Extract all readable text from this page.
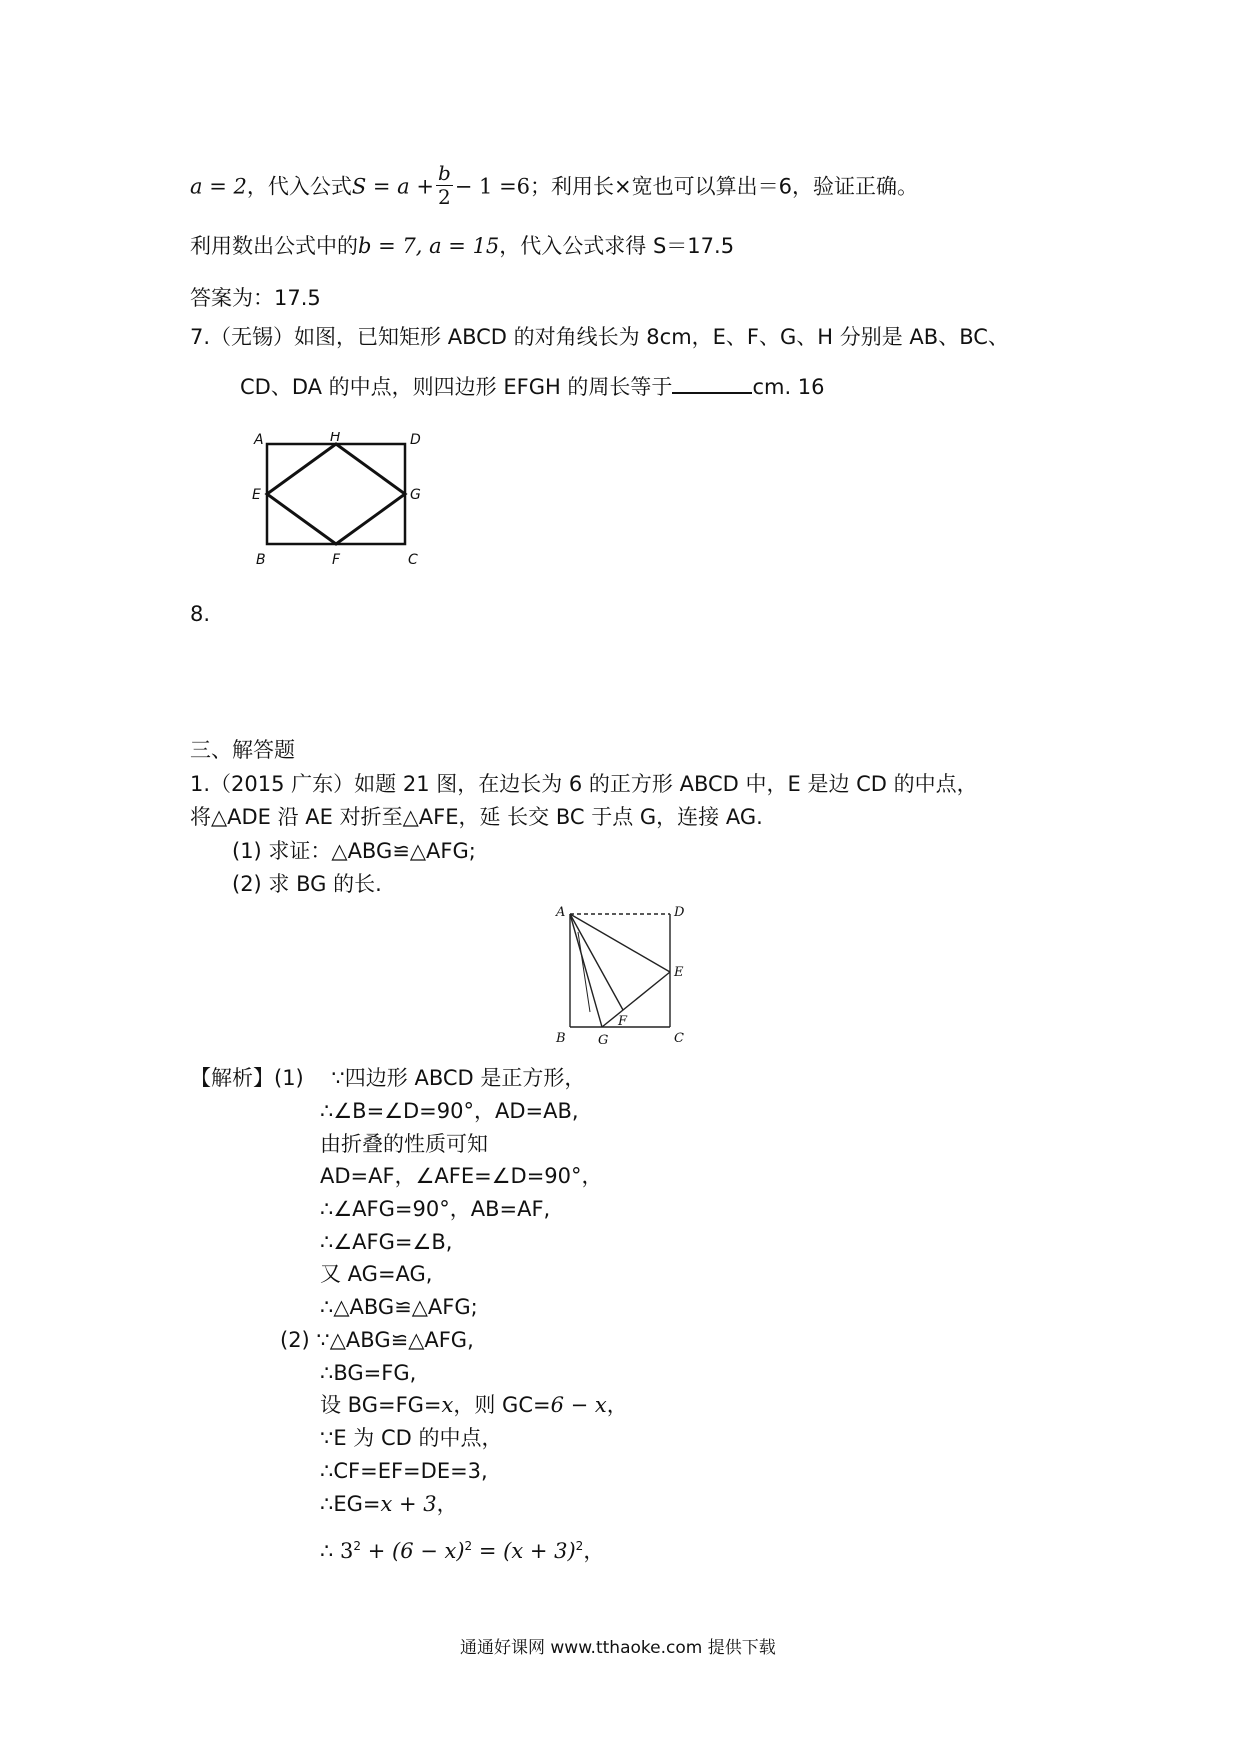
a = 2，代入公式$S = a + \frac{b}{2} - 1 =6$；利用长×宽也可以算出＝6，验证正确。
利用数出公式中的b = 7, a = 15，代入公式求得 S＝17.5
答案为：17.5
7.（无锡）如图，已知矩形 ABCD 的对角线长为 8cm，E、F、G、H 分别是 AB、BC、
CD、DA 的中点，则四边形 EFGH 的周长等于	cm. 16
A	H	D
E	G
B	F	C
8.
三、解答题
1.（2015 广东）如题 21 图，在边长为 6 的正方形 ABCD 中，E 是边 CD 的中点，
将△ADE 沿 AE 对折至△AFE，延 长交 BC 于点 G，连接 AG.
(1) 求证：△ABG≌△AFG;
(2) 求 BG 的长.
A	D
E
F
B G	C
【解析】(1)　 ∵四边形 ABCD 是正方形，
∴∠B=∠D=90°，AD=AB,
由折叠的性质可知
AD=AF，∠AFE=∠D=90°，
∴∠AFG=90°，AB=AF,
∴∠AFG=∠B,
又 AG=AG,
∴△ABG≌△AFG;
(2) ∵△ABG≌△AFG,
∴BG=FG,
设 BG=FG=x，则 GC=6 − x，
∵E 为 CD 的中点，
∴CF=EF=DE=3,
∴EG=x + 3，
∴ $3^2 + (6 - x)^2 = (x + 3)^2$，
通通好课网 www.tthaoke.com 提供下载
